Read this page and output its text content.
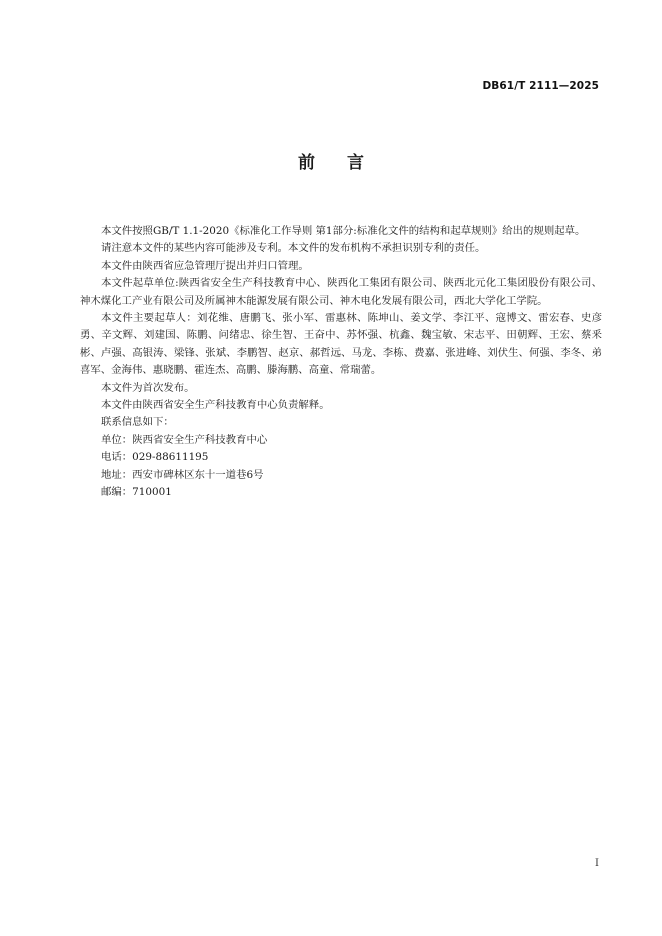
DB61/T 2111—2025
前言

本文件按照GB/T 1.1-2020《标准化工作导则 第1部分:标准化文件的结构和起草规则》给出的规则起草。

请注意本文件的某些内容可能涉及专利。本文件的发布机构不承担识别专利的责任。

本文件由陕西省应急管理厅提出并归口管理。

本文件起草单位:陕西省安全生产科技教育中心、陕西化工集团有限公司、陕西北元化工集团股份有限公司、神木煤化工产业有限公司及所属神木能源发展有限公司、神木电化发展有限公司，西北大学化工学院。

本文件主要起草人：刘花维、唐鹏飞、张小军、雷惠林、陈坤山、姜文学、李江平、寇博文、雷宏春、史彦勇、辛文辉、刘建国、陈鹏、问绪忠、徐生智、王奋中、苏怀强、杭鑫、魏宝敏、宋志平、田朝辉、王宏、蔡釆彬、卢强、高银涛、梁锋、张斌、李鹏智、赵京、郝哲远、马龙、李栋、费嘉、张进峰、刘伏生、何强、李冬、弟喜军、金海伟、惠晓鹏、霍连杰、高鹏、滕海鹏、高童、常瑞蕾。

本文件为首次发布。

本文件由陕西省安全生产科技教育中心负责解释。

联系信息如下：

单位：陕西省安全生产科技教育中心

电话：029-88611195

地址：西安市碑林区东十一道巷6号

邮编：710001

I
